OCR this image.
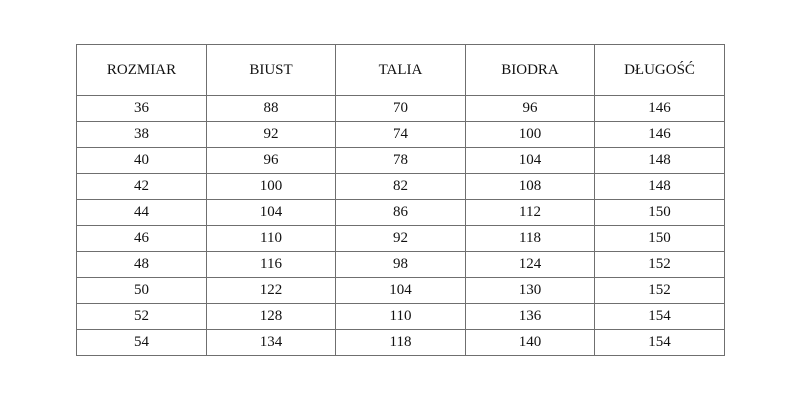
ROZMIAR	BIUST	TALIA	BIODRA	DŁUGOŚĆ
36	88	70	96	146
38	92	74	100	146
40	96	78	104	148
42	100	82	108	148
44	104	86	112	150
46	110	92	118	150
48	116	98	124	152
50	122	104	130	152
52	128	110	136	154
54	134	118	140	154
